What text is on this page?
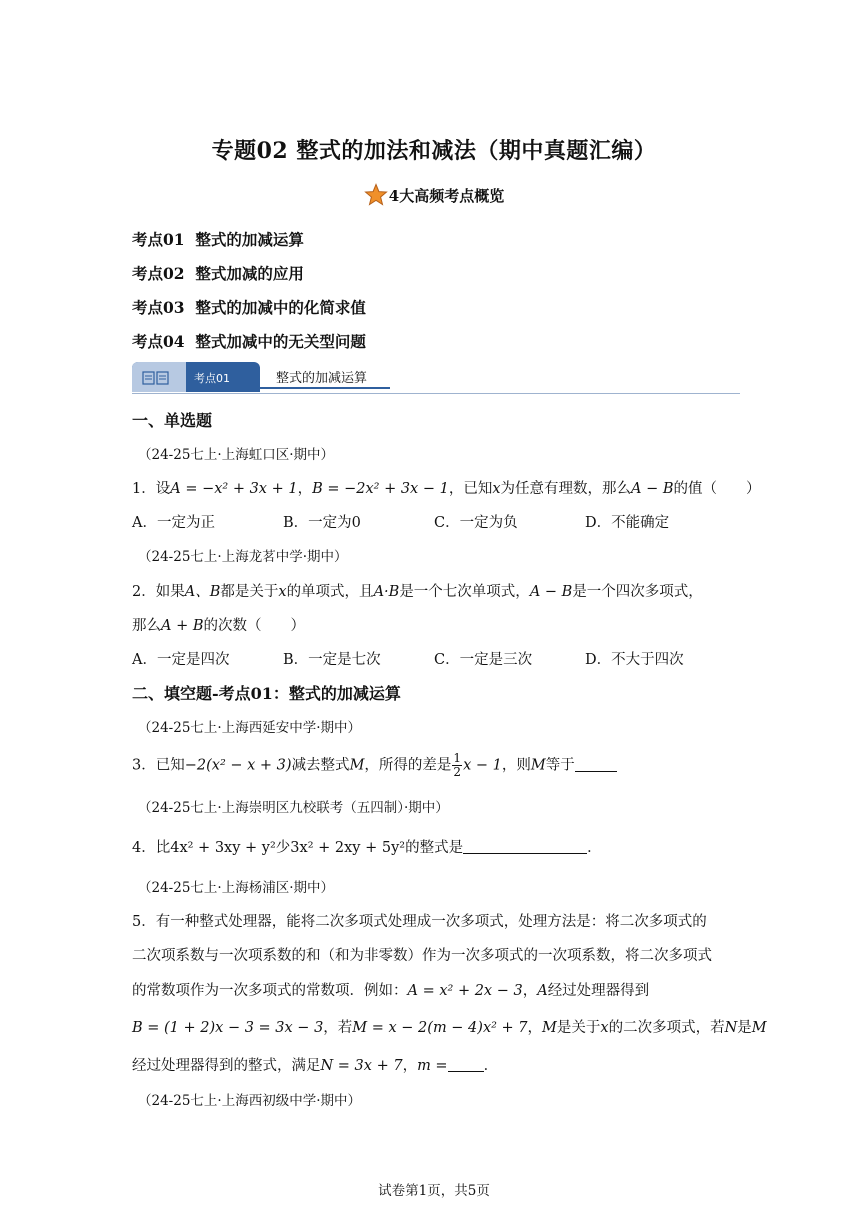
专题02 整式的加法和减法（期中真题汇编）
4大高频考点概览
考点01 整式的加减运算
考点02 整式加减的应用
考点03 整式的加减中的化简求值
考点04 整式加减中的无关型问题
考点01	整式的加减运算
一、单选题
（24-25七上·上海虹口区·期中）
1．设A = −x² + 3x + 1，B = −2x² + 3x − 1，已知x为任意有理数，那么A − B的值（　　）
A．一定为正	B．一定为0	C．一定为负	D．不能确定
（24-25七上·上海龙茗中学·期中）
2．如果A、B都是关于x的单项式，且A·B是一个七次单项式，A − B是一个四次多项式，
那么A + B的次数（　　）
A．一定是四次	B．一定是七次	C．一定是三次	D．不大于四次
二、填空题-考点01：整式的加减运算
（24-25七上·上海西延安中学·期中）
3．已知−2(x² − x + 3)减去整式M，所得的差是 $\frac{1}{2}$ x − 1，则M等于
（24-25七上·上海崇明区九校联考（五四制）·期中）
4．比4x² + 3xy + y²少3x² + 2xy + 5y²的整式是	．
（24-25七上·上海杨浦区·期中）
5．有一种整式处理器，能将二次多项式处理成一次多项式，处理方法是：将二次多项式的
二次项系数与一次项系数的和（和为非零数）作为一次多项式的一次项系数，将二次多项式
的常数项作为一次多项式的常数项．例如：A = x² + 2x − 3，A经过处理器得到
B = (1 + 2)x − 3 = 3x − 3，若M = x − 2(m − 4)x² + 7，M是关于x的二次多项式，若N是M
经过处理器得到的整式，满足N = 3x + 7，m = ．
（24-25七上·上海西初级中学·期中）
试卷第1页，共5页
